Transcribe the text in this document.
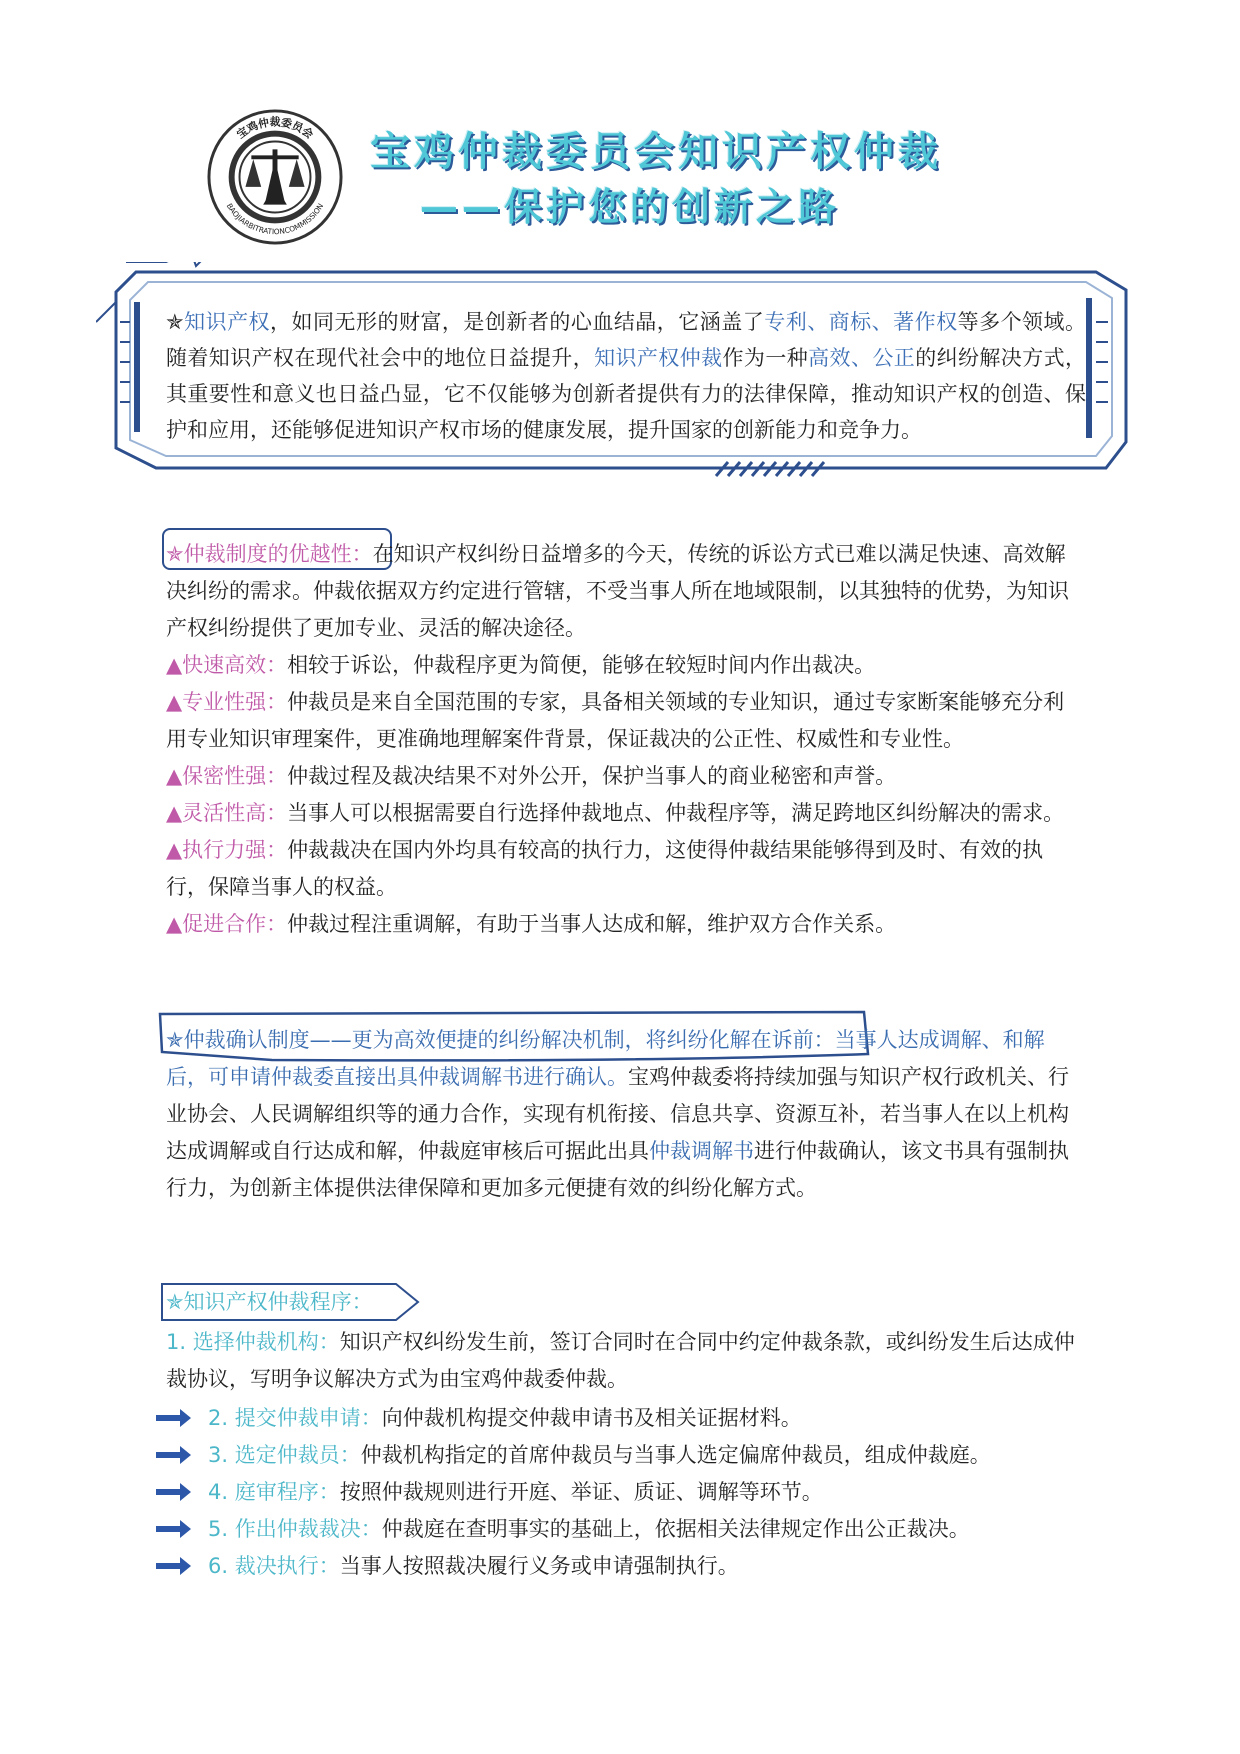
宝鸡仲裁委员会
BAOJIARBITRATIONCOMMISSION
宝鸡仲裁委员会知识产权仲裁
——保护您的创新之路
✯知识产权，如同无形的财富，是创新者的心血结晶，它涵盖了专利、商标、著作权等多个领域。随着知识产权在现代社会中的地位日益提升，知识产权仲裁作为一种高效、公正的纠纷解决方式，其重要性和意义也日益凸显，它不仅能够为创新者提供有力的法律保障，推动知识产权的创造、保护和应用，还能够促进知识产权市场的健康发展，提升国家的创新能力和竞争力。
✯仲裁制度的优越性：在知识产权纠纷日益增多的今天，传统的诉讼方式已难以满足快速、高效解决纠纷的需求。仲裁依据双方约定进行管辖，不受当事人所在地域限制，以其独特的优势，为知识产权纠纷提供了更加专业、灵活的解决途径。
▲快速高效：相较于诉讼，仲裁程序更为简便，能够在较短时间内作出裁决。
▲专业性强：仲裁员是来自全国范围的专家，具备相关领域的专业知识，通过专家断案能够充分利用专业知识审理案件，更准确地理解案件背景，保证裁决的公正性、权威性和专业性。
▲保密性强：仲裁过程及裁决结果不对外公开，保护当事人的商业秘密和声誉。
▲灵活性高：当事人可以根据需要自行选择仲裁地点、仲裁程序等，满足跨地区纠纷解决的需求。
▲执行力强：仲裁裁决在国内外均具有较高的执行力，这使得仲裁结果能够得到及时、有效的执行，保障当事人的权益。
▲促进合作：仲裁过程注重调解，有助于当事人达成和解，维护双方合作关系。
✯仲裁确认制度——更为高效便捷的纠纷解决机制，将纠纷化解在诉前：当事人达成调解、和解后，可申请仲裁委直接出具仲裁调解书进行确认。宝鸡仲裁委将持续加强与知识产权行政机关、行业协会、人民调解组织等的通力合作，实现有机衔接、信息共享、资源互补，若当事人在以上机构达成调解或自行达成和解，仲裁庭审核后可据此出具仲裁调解书进行仲裁确认，该文书具有强制执行力，为创新主体提供法律保障和更加多元便捷有效的纠纷化解方式。
✯知识产权仲裁程序：
1. 选择仲裁机构：知识产权纠纷发生前，签订合同时在合同中约定仲裁条款，或纠纷发生后达成仲裁协议，写明争议解决方式为由宝鸡仲裁委仲裁。
2. 提交仲裁申请：向仲裁机构提交仲裁申请书及相关证据材料。
3. 选定仲裁员：仲裁机构指定的首席仲裁员与当事人选定偏席仲裁员，组成仲裁庭。
4. 庭审程序：按照仲裁规则进行开庭、举证、质证、调解等环节。
5. 作出仲裁裁决：仲裁庭在查明事实的基础上，依据相关法律规定作出公正裁决。
6. 裁决执行：当事人按照裁决履行义务或申请强制执行。
